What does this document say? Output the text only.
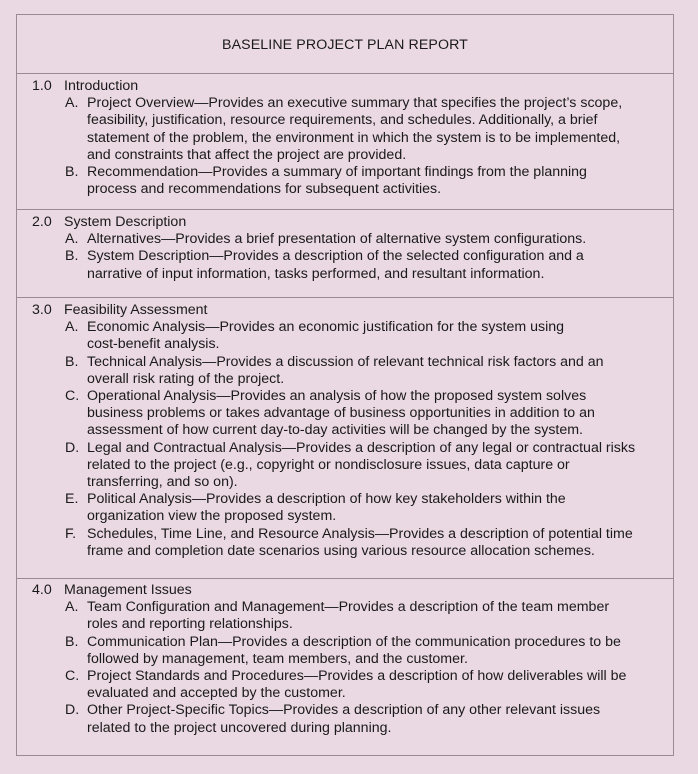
BASELINE PROJECT PLAN REPORT
1.0 Introduction
A. Project Overview—Provides an executive summary that specifies the project’s scope,
feasibility, justification, resource requirements, and schedules. Additionally, a brief
statement of the problem, the environment in which the system is to be implemented,
and constraints that affect the project are provided.
B. Recommendation—Provides a summary of important findings from the planning
process and recommendations for subsequent activities.
2.0 System Description
A. Alternatives—Provides a brief presentation of alternative system configurations.
B. System Description—Provides a description of the selected configuration and a
narrative of input information, tasks performed, and resultant information.
3.0 Feasibility Assessment
A. Economic Analysis—Provides an economic justification for the system using
cost-benefit analysis.
B. Technical Analysis—Provides a discussion of relevant technical risk factors and an
overall risk rating of the project.
C. Operational Analysis—Provides an analysis of how the proposed system solves
business problems or takes advantage of business opportunities in addition to an
assessment of how current day-to-day activities will be changed by the system.
D. Legal and Contractual Analysis—Provides a description of any legal or contractual risks
related to the project (e.g., copyright or nondisclosure issues, data capture or
transferring, and so on).
E. Political Analysis—Provides a description of how key stakeholders within the
organization view the proposed system.
F. Schedules, Time Line, and Resource Analysis—Provides a description of potential time
frame and completion date scenarios using various resource allocation schemes.
4.0 Management Issues
A. Team Configuration and Management—Provides a description of the team member
roles and reporting relationships.
B. Communication Plan—Provides a description of the communication procedures to be
followed by management, team members, and the customer.
C. Project Standards and Procedures—Provides a description of how deliverables will be
evaluated and accepted by the customer.
D. Other Project-Specific Topics—Provides a description of any other relevant issues
related to the project uncovered during planning.
